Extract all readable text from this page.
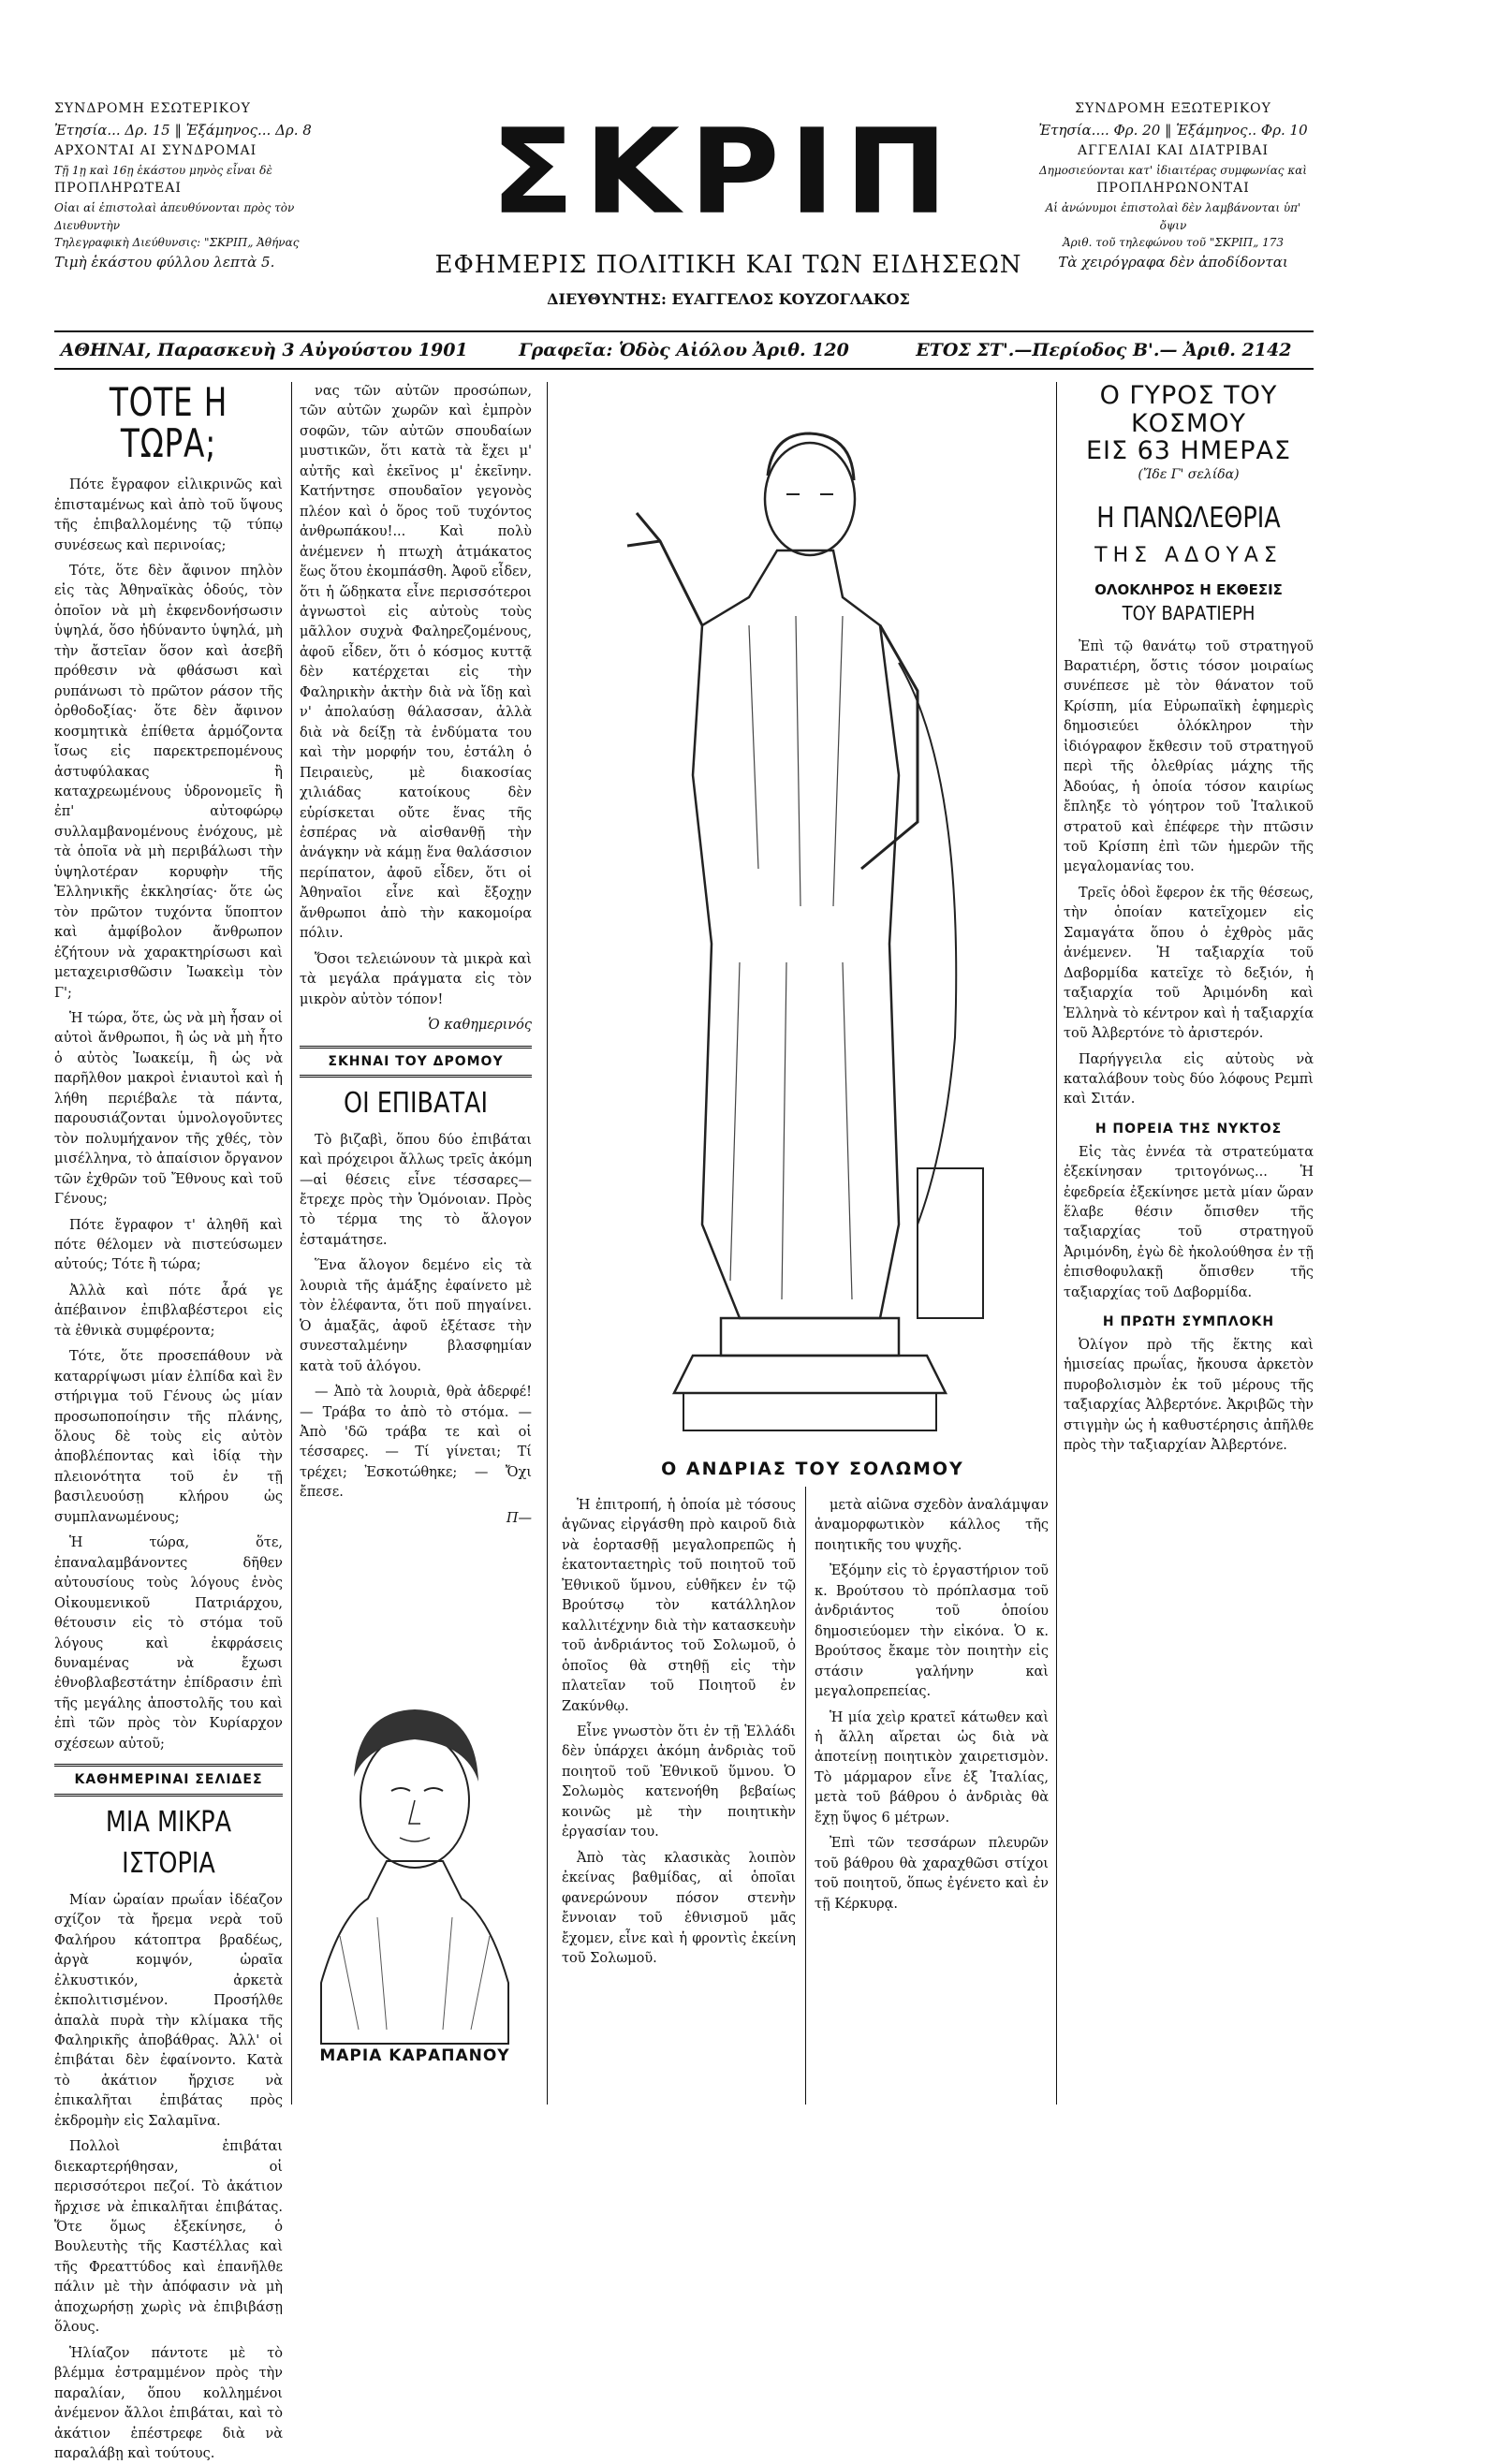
ΣΥΝΔΡΟΜΗ ΕΣΩΤΕΡΙΚΟΥ

Ἐτησία... Δρ. 15 ‖ Ἑξάμηνος... Δρ. 8

ΑΡΧΟΝΤΑΙ ΑΙ ΣΥΝΔΡΟΜΑΙ

Τῇ 1ῃ καὶ 16ῃ ἑκάστου μηνὸς εἶναι δὲ

ΠΡΟΠΛΗΡΩΤΕΑΙ

Οἱαι αἱ ἐπιστολαὶ ἀπευθύνονται πρὸς τὸν Διευθυντὴν

Τηλεγραφικὴ Διεύθυνσις: "ΣΚΡΙΠ„ Ἀθήνας

Τιμὴ ἑκάστου φύλλου λεπτὰ 5.

ΣΚΡΙΠ
ΕΦΗΜΕΡΙΣ ΠΟΛΙΤΙΚΗ ΚΑΙ ΤΩΝ ΕΙΔΗΣΕΩΝ
ΔΙΕΥΘΥΝΤΗΣ: ΕΥΑΓΓΕΛΟΣ ΚΟΥΖΟΓΛΑΚΟΣ

ΣΥΝΔΡΟΜΗ ΕΞΩΤΕΡΙΚΟΥ

Ἐτησία.... Φρ. 20 ‖ Ἑξάμηνος.. Φρ. 10

ΑΓΓΕΛΙΑΙ ΚΑΙ ΔΙΑΤΡΙΒΑΙ

Δημοσιεύονται κατ' ἰδιαιτέρας συμφωνίας καὶ

ΠΡΟΠΛΗΡΩΝΟΝΤΑΙ

Αἱ ἀνώνυμοι ἐπιστολαὶ δὲν λαμβάνονται ὑπ' ὄψιν

Ἀριθ. τοῦ τηλεφώνου τοῦ "ΣΚΡΙΠ„ 173

Τὰ χειρόγραφα δὲν ἀποδίδονται

ΑΘΗΝΑΙ, Παρασκευὴ 3 Αὐγούστου 1901	Γραφεῖα: Ὁδὸς Αἰόλου Ἀριθ. 120	ΕΤΟΣ ΣΤ'.—Περίοδος Β'.— Ἀριθ. 2142
ΤΟΤΕ Η ΤΩΡΑ;

Πότε ἔγραφον εἰλικρινῶς καὶ ἐπισταμένως καὶ ἀπὸ τοῦ ὕψους τῆς ἐπιβαλλομένης τῷ τύπῳ συνέσεως καὶ περινοίας;

Τότε, ὅτε δὲν ἄφινον πηλὸν εἰς τὰς Ἀθηναϊκὰς ὁδούς, τὸν ὁποῖον νὰ μὴ ἐκφενδονήσωσιν ὑψηλά, ὅσο ἠδύναντο ὑψηλά, μὴ τὴν ἄστεῖαν ὅσον καὶ ἀσεβῆ πρόθεσιν νὰ φθάσωσι καὶ ρυπάνωσι τὸ πρῶτον ράσον τῆς ὀρθοδοξίας· ὅτε δὲν ἄφινον κοσμητικὰ ἐπίθετα ἁρμόζοντα ἴσως εἰς παρεκτρεπομένους ἀστυφύλακας ἢ καταχρεωμένους ὑδρονομεῖς ἢ ἐπ' αὐτοφώρῳ συλλαμβανομένους ἐνόχους, μὲ τὰ ὁποῖα νὰ μὴ περιβάλωσι τὴν ὑψηλοτέραν κορυφὴν τῆς Ἑλληνικῆς ἐκκλησίας· ὅτε ὡς τὸν πρῶτον τυχόντα ὕποπτον καὶ ἀμφίβολον ἄνθρωπον ἐζήτουν νὰ χαρακτηρίσωσι καὶ μεταχειρισθῶσιν Ἰωακεὶμ τὸν Γ';

Ἡ τώρα, ὅτε, ὡς νὰ μὴ ἦσαν οἱ αὐτοὶ ἄνθρωποι, ἢ ὡς νὰ μὴ ἦτο ὁ αὐτὸς Ἰωακείμ, ἢ ὡς νὰ παρῆλθον μακροὶ ἐνιαυτοὶ καὶ ἡ λήθη περιέβαλε τὰ πάντα, παρουσιάζονται ὑμνολογοῦντες τὸν πολυμήχανον τῆς χθές, τὸν μισέλληνα, τὸ ἀπαίσιον ὄργανον τῶν ἐχθρῶν τοῦ Ἔθνους καὶ τοῦ Γένους;

Πότε ἔγραφον τ' ἀληθῆ καὶ πότε θέλομεν νὰ πιστεύσωμεν αὐτούς; Τότε ἢ τώρα;

Ἀλλὰ καὶ πότε ἆρά γε ἀπέβαινον ἐπιβλαβέστεροι εἰς τὰ ἐθνικὰ συμφέροντα;

Τότε, ὅτε προσεπάθουν νὰ καταρρίψωσι μίαν ἐλπίδα καὶ ἓν στήριγμα τοῦ Γένους ὡς μίαν προσωποποίησιν τῆς πλάνης, ὅλους δὲ τοὺς εἰς αὐτὸν ἀποβλέποντας καὶ ἰδίᾳ τὴν πλειονότητα τοῦ ἐν τῇ βασιλευούσῃ κλήρου ὡς συμπλανωμένους;

Ἡ τώρα, ὅτε, ἐπαναλαμβάνοντες δῆθεν αὐτουσίους τοὺς λόγους ἑνὸς Οἰκουμενικοῦ Πατριάρχου, θέτουσιν εἰς τὸ στόμα τοῦ λόγους καὶ ἐκφράσεις δυναμένας νὰ ἔχωσι ἐθνοβλαβεστάτην ἐπίδρασιν ἐπὶ τῆς μεγάλης ἀποστολῆς του καὶ ἐπὶ τῶν πρὸς τὸν Κυρίαρχον σχέσεων αὐτοῦ;

ΚΑΘΗΜΕΡΙΝΑΙ ΣΕΛΙΔΕΣ
ΜΙΑ ΜΙΚΡΑ ΙΣΤΟΡΙΑ

Μίαν ὡραίαν πρωΐαν ἰδέαζον σχίζον τὰ ἤρεμα νερὰ τοῦ Φαλήρου κάτοπτρα βραδέως, ἀργὰ κομψόν, ὡραῖα ἐλκυστικόν, ἀρκετὰ ἐκπολιτισμένον. Προσήλθε ἀπαλὰ πυρὰ τὴν κλίμακα τῆς Φαληρικῆς ἀποβάθρας. Ἀλλ' οἱ ἐπιβάται δὲν ἐφαίνοντο. Κατὰ τὸ ἀκάτιον ἤρχισε νὰ ἐπικαλῆται ἐπιβάτας πρὸς ἐκδρομὴν εἰς Σαλαμῖνα.

Πολλοὶ ἐπιβάται διεκαρτερήθησαν, οἱ περισσότεροι πεζοί. Τὸ ἀκάτιον ἤρχισε νὰ ἐπικαλῆται ἐπιβάτας. Ὅτε ὅμως ἐξεκίνησε, ὁ Βουλευτὴς τῆς Καστέλλας καὶ τῆς Φρεαττύδος καὶ ἐπανῆλθε πάλιν μὲ τὴν ἀπόφασιν νὰ μὴ ἀποχωρήσῃ χωρὶς νὰ ἐπιβιβάσῃ ὅλους.

Ἡλίαζον πάντοτε μὲ τὸ βλέμμα ἐστραμμένον πρὸς τὴν παραλίαν, ὅπου κολλημένοι ἀνέμενον ἄλλοι ἐπιβάται, καὶ τὸ ἀκάτιον ἐπέστρεφε διὰ νὰ παραλάβῃ καὶ τούτους.

νας τῶν αὐτῶν προσώπων, τῶν αὐτῶν χωρῶν καὶ ἐμπρὸν σοφῶν, τῶν αὐτῶν σπουδαίων μυστικῶν, ὅτι κατὰ τὰ ἔχει μ' αὐτῆς καὶ ἐκεῖνος μ' ἐκεῖνην. Κατήντησε σπουδαῖον γεγονὸς πλέον καὶ ὁ ὅρος τοῦ τυχόντος ἀνθρωπάκου!... Καὶ πολὺ ἀνέμενεν ἡ πτωχὴ ἀτμάκατος ἕως ὅτου ἐκομπάσθη. Ἀφοῦ εἶδεν, ὅτι ἡ ὥδῃκατα εἶνε περισσότεροι ἀγνωστοὶ εἰς αὐτοὺς τοὺς μᾶλλον συχνὰ Φαληρεζομένους, ἀφοῦ εἶδεν, ὅτι ὁ κόσμος κυττᾷ δὲν κατέρχεται εἰς τὴν Φαληρικὴν ἀκτὴν διὰ νὰ ἴδῃ καὶ ν' ἀπολαύσῃ θάλασσαν, ἀλλὰ διὰ νὰ δείξῃ τὰ ἐνδύματα του καὶ τὴν μορφήν του, ἐστάλη ὁ Πειραιεὺς, μὲ διακοσίας χιλιάδας κατοίκους δὲν εὑρίσκεται οὔτε ἕνας τῆς ἐσπέρας νὰ αἰσθανθῇ τὴν ἀνάγκην νὰ κάμῃ ἕνα θαλάσσιον περίπατον, ἀφοῦ εἶδεν, ὅτι οἱ Ἀθηναῖοι εἶνε καὶ ἔξοχῃν ἄνθρωποι ἀπὸ τὴν κακομοίρα πόλιν.

Ὅσοι τελειώνουν τὰ μικρὰ καὶ τὰ μεγάλα πράγματα εἰς τὸν μικρὸν αὐτὸν τόπον!

Ὁ καθημερινός
ΣΚΗΝΑΙ ΤΟΥ ΔΡΟΜΟΥ
ΟΙ ΕΠΙΒΑΤΑΙ

Τὸ βιζαβὶ, ὅπου δύο ἐπιβάται καὶ πρόχειροι ἄλλως τρεῖς ἀκόμη—αἱ θέσεις εἶνε τέσσαρες—ἔτρεχε πρὸς τὴν Ὁμόνοιαν. Πρὸς τὸ τέρμα της τὸ ἄλογον ἐσταμάτησε.

Ἕνα ἄλογον δεμένο εἰς τὰ λουριὰ τῆς ἁμάξης ἐφαίνετο μὲ τὸν ἐλέφαντα, ὅτι ποῦ πηγαίνει. Ὁ ἁμαξᾶς, ἀφοῦ ἐξέτασε τὴν συνεσταλμένην βλασφημίαν κατὰ τοῦ ἀλόγου.

— Ἀπὸ τὰ λουριὰ, θρὰ ἀδερφέ! — Τράβα το ἀπὸ τὸ στόμα. — Ἀπὸ 'δῶ τράβα τε καὶ οἱ τέσσαρες. — Τί γίνεται; Τί τρέχει; Ἐσκοτώθηκε; — Ὄχι ἔπεσε.

Π—
ΜΑΡΙΑ ΚΑΡΑΠΑΝΟΥ
Ο ΑΝΔΡΙΑΣ ΤΟΥ ΣΟΛΩΜΟΥ

Ἡ ἐπιτροπή, ἡ ὁποία μὲ τόσους ἀγῶνας εἰργάσθη πρὸ καιροῦ διὰ νὰ ἑορτασθῇ μεγαλοπρεπῶς ἡ ἑκατονταετηρὶς τοῦ ποιητοῦ τοῦ Ἐθνικοῦ ὕμνου, εὑθῆκεν ἐν τῷ Βρούτσῳ τὸν κατάλληλον καλλιτέχνην διὰ τὴν κατασκευὴν τοῦ ἀνδριάντος τοῦ Σολωμοῦ, ὁ ὁποῖος θὰ στηθῇ εἰς τὴν πλατεῖαν τοῦ Ποιητοῦ ἐν Ζακύνθῳ.

Εἶνε γνωστὸν ὅτι ἐν τῇ Ἑλλάδι δὲν ὑπάρχει ἀκόμη ἀνδριὰς τοῦ ποιητοῦ τοῦ Ἐθνικοῦ ὕμνου. Ὁ Σολωμὸς κατενοήθη βεβαίως κοινῶς μὲ τὴν ποιητικὴν ἐργασίαν του.

Ἀπὸ τὰς κλασικὰς λοιπὸν ἐκείνας βαθμίδας, αἱ ὁποῖαι φανερώνουν πόσον στενὴν ἔννοιαν τοῦ ἐθνισμοῦ μᾶς ἔχομεν, εἶνε καὶ ἡ φροντὶς ἐκείνη τοῦ Σολωμοῦ.

μετὰ αἰῶνα σχεδὸν ἀναλάμψαν ἀναμορφωτικὸν κάλλος τῆς ποιητικῆς του ψυχῆς.

Ἐξόμην εἰς τὸ ἐργαστήριον τοῦ κ. Βρούτσου τὸ πρόπλασμα τοῦ ἀνδριάντος τοῦ ὁποίου δημοσιεύομεν τὴν εἰκόνα. Ὁ κ. Βρούτσος ἔκαμε τὸν ποιητὴν εἰς στάσιν γαλήνην καὶ μεγαλοπρεπείας.

Ἡ μία χεὶρ κρατεῖ κάτωθεν καὶ ἡ ἄλλη αἴρεται ὡς διὰ νὰ ἀποτείνῃ ποιητικὸν χαιρετισμὸν. Τὸ μάρμαρον εἶνε ἐξ Ἰταλίας, μετὰ τοῦ βάθρου ὁ ἀνδριὰς θὰ ἔχῃ ὕψος 6 μέτρων.

Ἐπὶ τῶν τεσσάρων πλευρῶν τοῦ βάθρου θὰ χαραχθῶσι στίχοι τοῦ ποιητοῦ, ὅπως ἐγένετο καὶ ἐν τῇ Κέρκυρᾳ.

Ο ΓΥΡΟΣ ΤΟΥ ΚΟΣΜΟΥ
ΕΙΣ 63 ΗΜΕΡΑΣ
(Ἴδε Γ' σελίδα)
Η ΠΑΝΩΛΕΘΡΙΑ
ΤΗΣ ΑΔΟΥΑΣ
ΟΛΟΚΛΗΡΟΣ Η ΕΚΘΕΣΙΣ
ΤΟΥ ΒΑΡΑΤΙΕΡΗ

Ἐπὶ τῷ θανάτῳ τοῦ στρατηγοῦ Βαρατιέρη, ὅστις τόσον μοιραίως συνέπεσε μὲ τὸν θάνατον τοῦ Κρίσπη, μία Εὐρωπαϊκὴ ἐφημερὶς δημοσιεύει ὁλόκληρον τὴν ἰδιόγραφον ἔκθεσιν τοῦ στρατηγοῦ περὶ τῆς ὀλεθρίας μάχης τῆς Ἀδούας, ἡ ὁποία τόσον καιρίως ἔπληξε τὸ γόητρον τοῦ Ἰταλικοῦ στρατοῦ καὶ ἐπέφερε τὴν πτῶσιν τοῦ Κρίσπη ἐπὶ τῶν ἡμερῶν τῆς μεγαλομανίας του.

Τρεῖς ὁδοὶ ἔφερον ἐκ τῆς θέσεως, τὴν ὁποίαν κατεῖχομεν εἰς Σαμαγάτα ὅπου ὁ ἐχθρὸς μᾶς ἀνέμενεν. Ἡ ταξιαρχία τοῦ Δαβορμίδα κατεῖχε τὸ δεξιόν, ἡ ταξιαρχία τοῦ Ἀριμόνδη καὶ Ἐλληνὰ τὸ κέντρον καὶ ἡ ταξιαρχία τοῦ Ἀλβερτόνε τὸ ἀριστερόν.

Παρήγγειλα εἰς αὐτοὺς νὰ καταλάβουν τοὺς δύο λόφους Ρεμπὶ καὶ Σιτάν.

Η ΠΟΡΕΙΑ ΤΗΣ ΝΥΚΤΟΣ

Εἰς τὰς ἐννέα τὰ στρατεύματα ἐξεκίνησαν τριτογόνως... Ἡ ἐφεδρεία ἐξεκίνησε μετὰ μίαν ὥραν ἕλαβε θέσιν ὄπισθεν τῆς ταξιαρχίας τοῦ στρατηγοῦ Ἀριμόνδη, ἐγὼ δὲ ἠκολούθησα ἐν τῇ ἐπισθοφυλακῇ ὄπισθεν τῆς ταξιαρχίας τοῦ Δαβορμίδα.

Η ΠΡΩΤΗ ΣΥΜΠΛΟΚΗ

Ὀλίγον πρὸ τῆς ἕκτης καὶ ἡμισείας πρωΐας, ἤκουσα ἀρκετὸν πυροβολισμὸν ἐκ τοῦ μέρους τῆς ταξιαρχίας Ἀλβερτόνε. Ἀκριβῶς τὴν στιγμὴν ὡς ἡ καθυστέρησις ἀπῆλθε πρὸς τὴν ταξιαρχίαν Ἀλβερτόνε.
